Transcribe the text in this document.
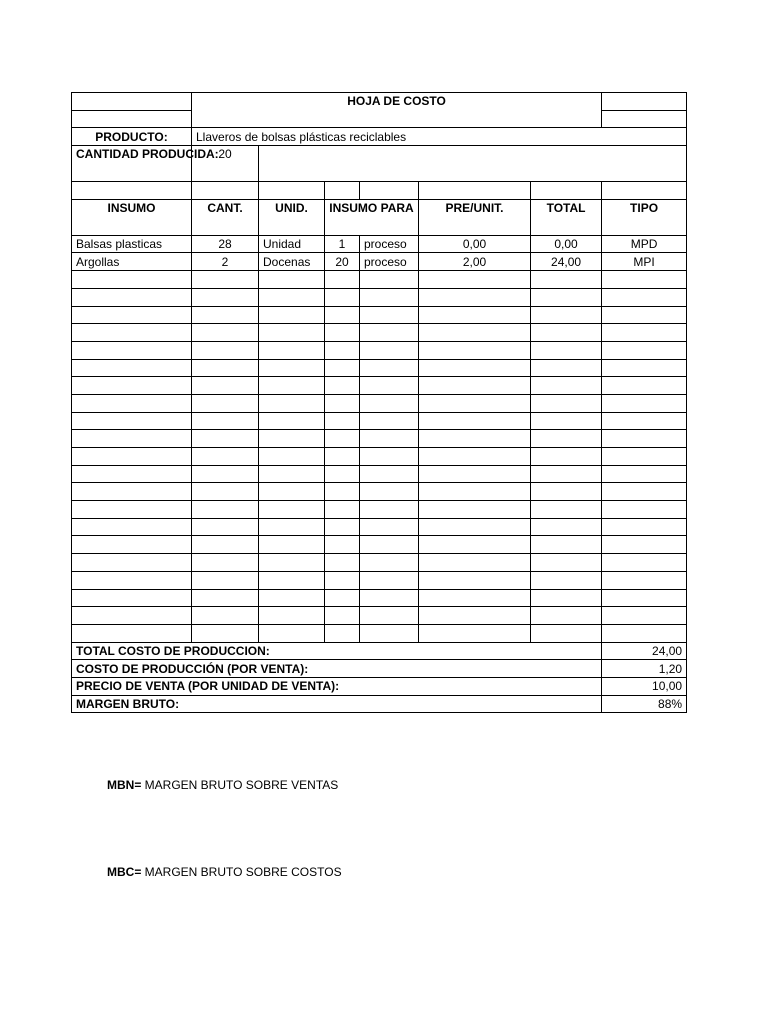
	HOJA DE COSTO						

PRODUCTO:	Llaveros de bolsas plásticas reciclables						
CANTIDAD PRODUCIDA:	20						

INSUMO	CANT.	UNID.	INSUMO PARA		PRE/UNIT.	TOTAL	TIPO
Balsas plasticas	28	Unidad	1	proceso	0,00	0,00	MPD
Argollas	2	Docenas	20	proceso	2,00	24,00	MPI

TOTAL COSTO DE PRODUCCION:							24,00
COSTO DE PRODUCCIÓN (POR VENTA):							1,20
PRECIO DE VENTA (POR UNIDAD DE VENTA):							10,00
MARGEN BRUTO:							88%
MBN= MARGEN BRUTO SOBRE VENTAS
MBC= MARGEN BRUTO SOBRE COSTOS
